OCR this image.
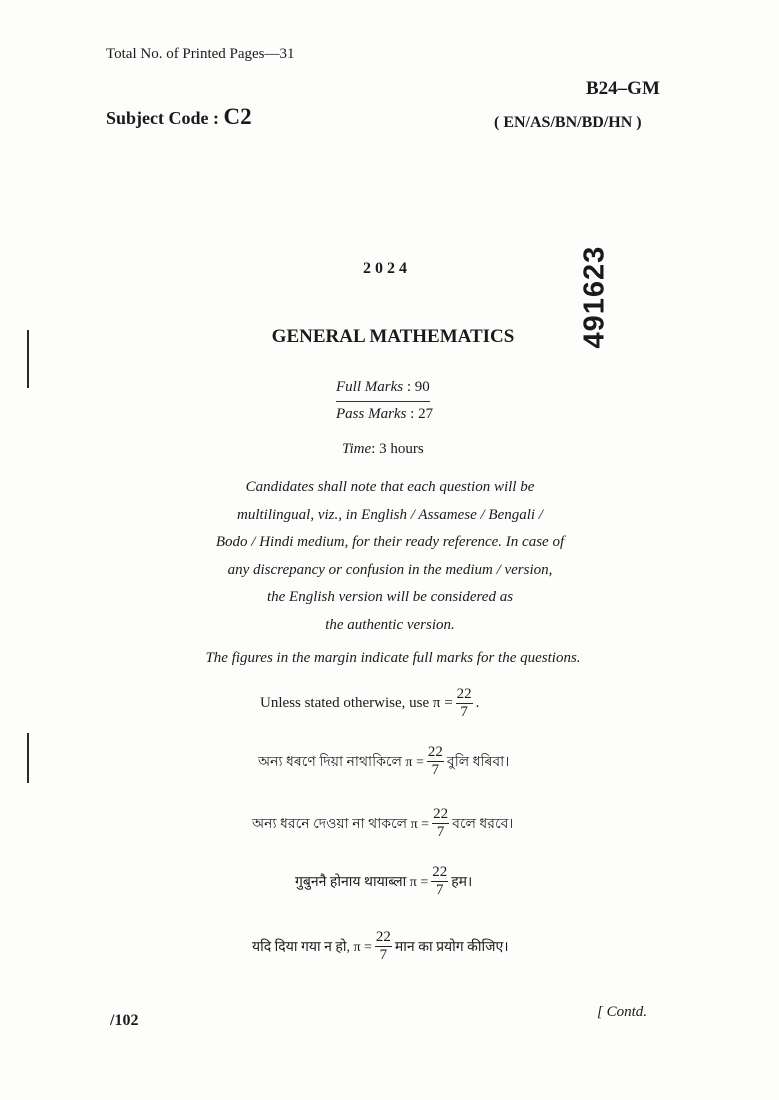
Total No. of Printed Pages—31
B24–GM
Subject Code : C2	( EN/AS/BN/BD/HN )
2024	491623
GENERAL MATHEMATICS
Full Marks : 90
Pass Marks : 27
Time: 3 hours
Candidates shall note that each question will be
multilingual, viz., in English / Assamese / Bengali /
Bodo / Hindi medium, for their ready reference. In case of
any discrepancy or confusion in the medium / version,
the English version will be considered as
the authentic version.
The figures in the margin indicate full marks for the questions.
Unless stated otherwise, use $\pi = \frac{22}{7}$ .
অন্য ধৰণে দিয়া নাথাকিলে $\pi = \frac{22}{7}$ বুলি ধৰিবা।
অন্য ধরনে দেওয়া না থাকলে $\pi = \frac{22}{7}$ বলে ধরবে।
गुबुननै होनाय थायाब्ला $\pi = \frac{22}{7}$ हम।
यदि दिया गया न हो, $\pi = \frac{22}{7}$ मान का प्रयोग कीजिए।
/102	[ Contd.
